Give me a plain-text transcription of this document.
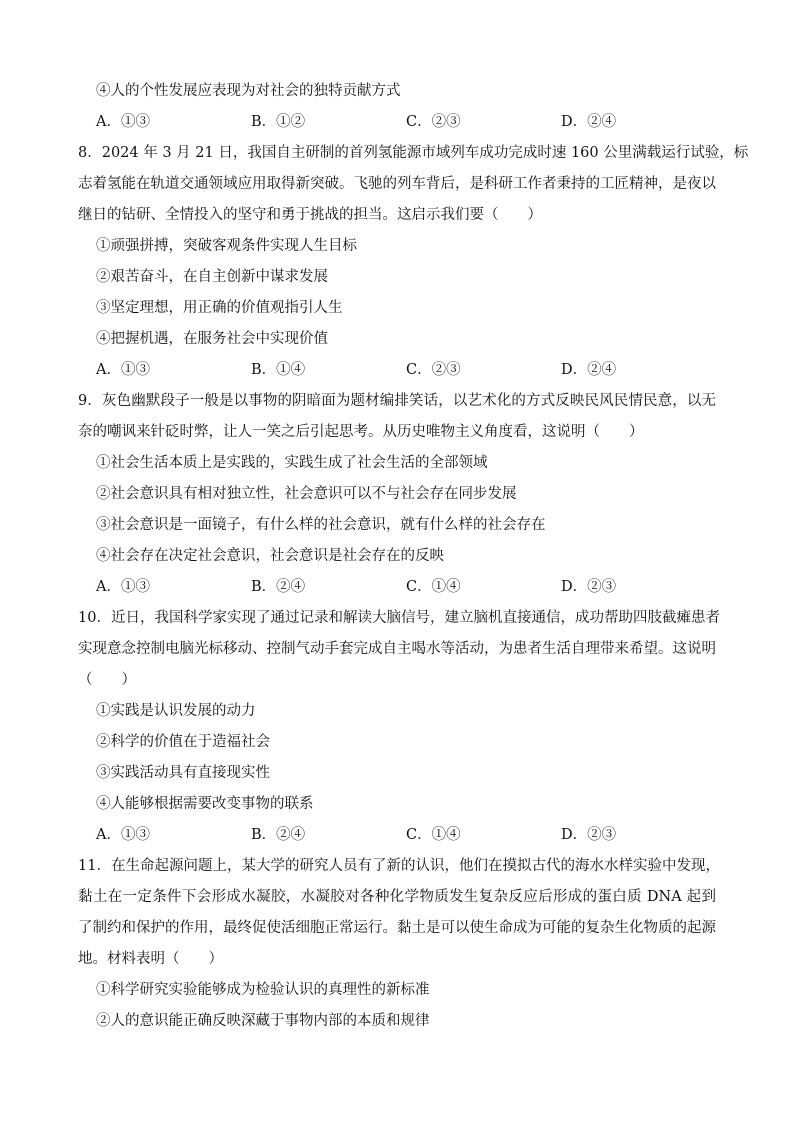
④人的个性发展应表现为对社会的独特贡献方式
A．①③	B．①②	C．②③	D．②④
8．2024 年 3 月 21 日，我国自主研制的首列氢能源市域列车成功完成时速 160 公里满载运行试验，标
志着氢能在轨道交通领域应用取得新突破。飞驰的列车背后，是科研工作者秉持的工匠精神，是夜以
继日的钻研、全情投入的坚守和勇于挑战的担当。这启示我们要（　　）
①顽强拼搏，突破客观条件实现人生目标
②艰苦奋斗，在自主创新中谋求发展
③坚定理想，用正确的价值观指引人生
④把握机遇，在服务社会中实现价值
A．①③	B．①④	C．②③	D．②④
9．灰色幽默段子一般是以事物的阴暗面为题材编排笑话，以艺术化的方式反映民风民情民意，以无
奈的嘲讽来针砭时弊，让人一笑之后引起思考。从历史唯物主义角度看，这说明（　　）
①社会生活本质上是实践的，实践生成了社会生活的全部领域
②社会意识具有相对独立性，社会意识可以不与社会存在同步发展
③社会意识是一面镜子，有什么样的社会意识，就有什么样的社会存在
④社会存在决定社会意识，社会意识是社会存在的反映
A．①③	B．②④	C．①④	D．②③
10．近日，我国科学家实现了通过记录和解读大脑信号，建立脑机直接通信，成功帮助四肢截瘫患者
实现意念控制电脑光标移动、控制气动手套完成自主喝水等活动，为患者生活自理带来希望。这说明
（　　）
①实践是认识发展的动力
②科学的价值在于造福社会
③实践活动具有直接现实性
④人能够根据需要改变事物的联系
A．①③	B．②④	C．①④	D．②③
11．在生命起源问题上，某大学的研究人员有了新的认识，他们在摸拟古代的海水水样实验中发现，
黏土在一定条件下会形成水凝胶，水凝胶对各种化学物质发生复杂反应后形成的蛋白质 DNA 起到
了制约和保护的作用，最终促使活细胞正常运行。黏土是可以使生命成为可能的复杂生化物质的起源
地。材料表明（　　）
①科学研究实验能够成为检验认识的真理性的新标准
②人的意识能正确反映深藏于事物内部的本质和规律
